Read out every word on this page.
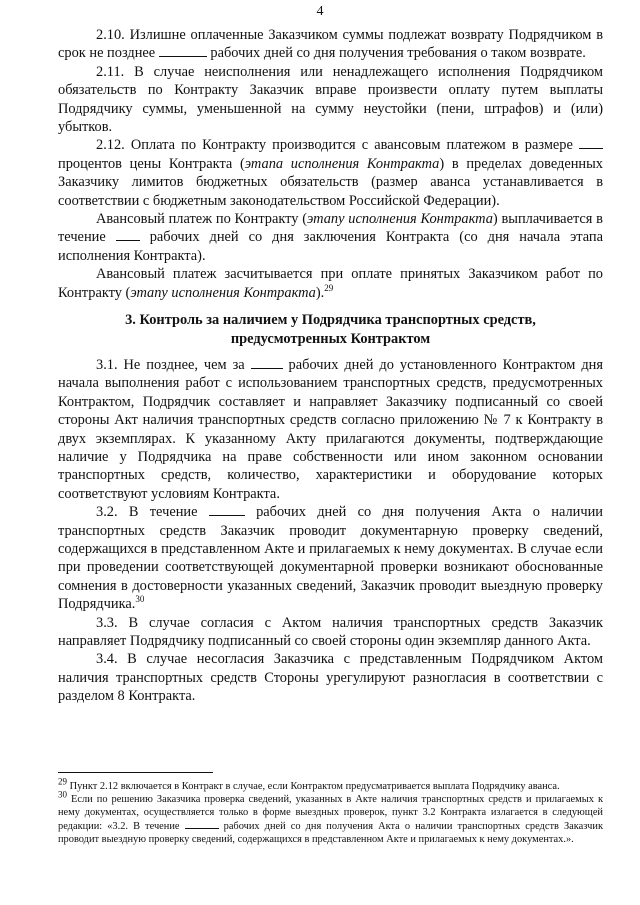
4

2.10. Излишне оплаченные Заказчиком суммы подлежат возврату Подрядчиком в срок не позднее	рабочих дней со дня получения требования о таком возврате.

2.11. В случае неисполнения или ненадлежащего исполнения Подрядчиком обязательств по Контракту Заказчик вправе произвести оплату путем выплаты Подрядчику суммы, уменьшенной на сумму неустойки (пени, штрафов) и (или) убытков.

2.12. Оплата по Контракту производится с авансовым платежом в размере  процентов цены Контракта (этапа исполнения Контракта) в пределах доведенных Заказчику лимитов бюджетных обязательств (размер аванса устанавливается в соответствии с бюджетным законодательством Российской Федерации).

Авансовый платеж по Контракту (этапу исполнения Контракта) выплачивается в течение  рабочих дней со дня заключения Контракта (со дня начала этапа исполнения Контракта).

Авансовый платеж засчитывается при оплате принятых Заказчиком работ по Контракту (этапу исполнения Контракта).$^{29}$

3. Контроль за наличием у Подрядчика транспортных средств,
предусмотренных Контрактом

3.1. Не позднее, чем за  рабочих дней до установленного Контрактом дня начала выполнения работ с использованием транспортных средств, предусмотренных Контрактом, Подрядчик составляет и направляет Заказчику подписанный со своей стороны Акт наличия транспортных средств согласно приложению № 7 к Контракту в двух экземплярах. К указанному Акту прилагаются документы, подтверждающие наличие у Подрядчика на праве собственности или ином законном основании транспортных средств, количество, характеристики и оборудование которых соответствуют условиям Контракта.

3.2. В течение	рабочих дней со дня получения Акта о наличии транспортных средств Заказчик проводит документарную проверку сведений, содержащихся в представленном Акте и прилагаемых к нему документах. В случае если при проведении соответствующей документарной проверки возникают обоснованные сомнения в достоверности указанных сведений, Заказчик проводит выездную проверку Подрядчика.$^{30}$

3.3. В случае согласия с Актом наличия транспортных средств Заказчик направляет Подрядчику подписанный со своей стороны один экземпляр данного Акта.

3.4. В случае несогласия Заказчика с представленным Подрядчиком Актом наличия транспортных средств Стороны урегулируют разногласия в соответствии с разделом 8 Контракта.

$^{29}$ Пункт 2.12 включается в Контракт в случае, если Контрактом предусматривается выплата Подрядчику аванса.

$^{30}$ Если по решению Заказчика проверка сведений, указанных в Акте наличия транспортных средств и прилагаемых к нему документах, осуществляется только в форме выездных проверок, пункт 3.2 Контракта излагается в следующей редакции: «3.2. В течение	рабочих дней со дня получения Акта о наличии транспортных средств Заказчик проводит выездную проверку сведений, содержащихся в представленном Акте и прилагаемых к нему документах.».
